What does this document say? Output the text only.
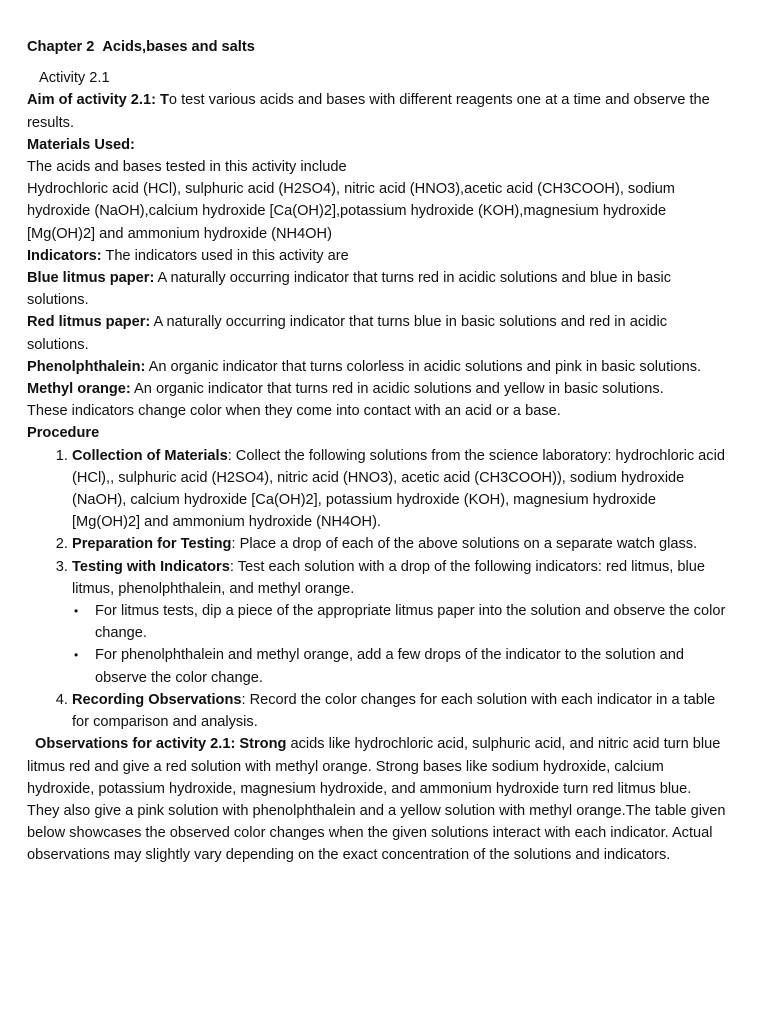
Chapter 2 Acids,bases and salts

Activity 2.1

Aim of activity 2.1: To test various acids and bases with different reagents one at a time and observe the results.

Materials Used:

The acids and bases tested in this activity include

Hydrochloric acid (HCl), sulphuric acid (H2SO4), nitric acid (HNO3),acetic acid (CH3COOH), sodium hydroxide (NaOH),calcium hydroxide [Ca(OH)2],potassium hydroxide (KOH),magnesium hydroxide [Mg(OH)2] and ammonium hydroxide (NH4OH)

Indicators: The indicators used in this activity are

Blue litmus paper: A naturally occurring indicator that turns red in acidic solutions and blue in basic solutions.

Red litmus paper: A naturally occurring indicator that turns blue in basic solutions and red in acidic solutions.

Phenolphthalein: An organic indicator that turns colorless in acidic solutions and pink in basic solutions.

Methyl orange: An organic indicator that turns red in acidic solutions and yellow in basic solutions.

These indicators change color when they come into contact with an acid or a base.

Procedure

1. Collection of Materials: Collect the following solutions from the science laboratory: hydrochloric acid (HCl),, sulphuric acid (H2SO4), nitric acid (HNO3), acetic acid (CH3COOH)), sodium hydroxide (NaOH), calcium hydroxide [Ca(OH)2], potassium hydroxide (KOH), magnesium hydroxide [Mg(OH)2] and ammonium hydroxide (NH4OH).
2. Preparation for Testing: Place a drop of each of the above solutions on a separate watch glass.
3. Testing with Indicators: Test each solution with a drop of the following indicators: red litmus, blue litmus, phenolphthalein, and methyl orange.
• For litmus tests, dip a piece of the appropriate litmus paper into the solution and observe the color change.
• For phenolphthalein and methyl orange, add a few drops of the indicator to the solution and observe the color change.
4. Recording Observations: Record the color changes for each solution with each indicator in a table for comparison and analysis.

Observations for activity 2.1: Strong acids like hydrochloric acid, sulphuric acid, and nitric acid turn blue litmus red and give a red solution with methyl orange. Strong bases like sodium hydroxide, calcium hydroxide, potassium hydroxide, magnesium hydroxide, and ammonium hydroxide turn red litmus blue. They also give a pink solution with phenolphthalein and a yellow solution with methyl orange.The table given below showcases the observed color changes when the given solutions interact with each indicator. Actual observations may slightly vary depending on the exact concentration of the solutions and indicators.
